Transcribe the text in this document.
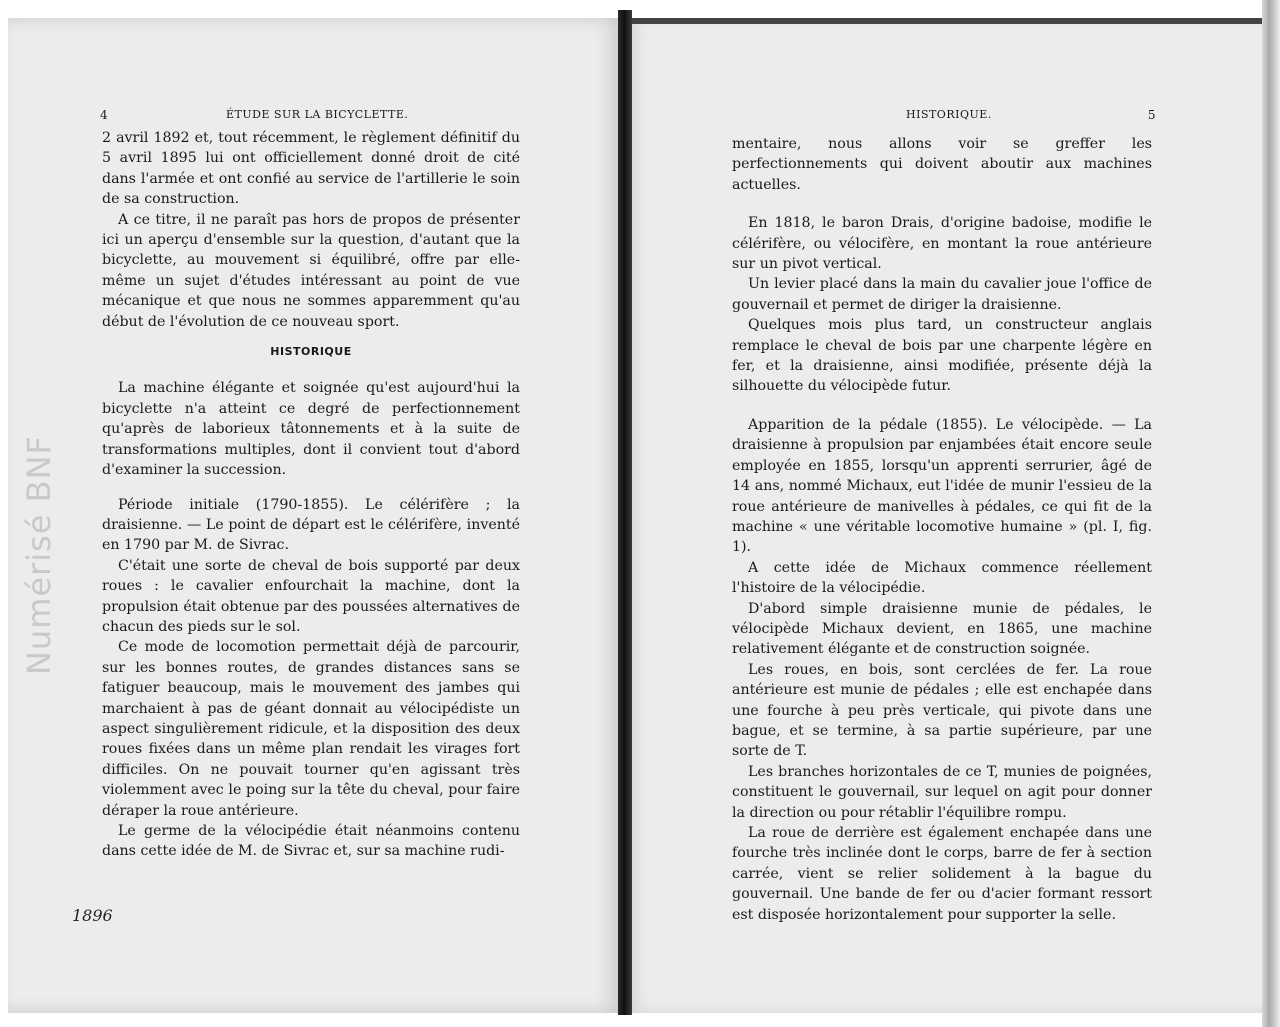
Numérisé BNF
4	ÉTUDE SUR LA BICYCLETTE.

2 avril 1892 et, tout récemment, le règlement définitif du 5 avril 1895 lui ont officiellement donné droit de cité dans l'armée et ont confié au service de l'artillerie le soin de sa construction.

A ce titre, il ne paraît pas hors de propos de présenter ici un aperçu d'ensemble sur la question, d'autant que la bicyclette, au mouvement si équilibré, offre par elle-même un sujet d'études intéressant au point de vue mécanique et que nous ne sommes apparemment qu'au début de l'évolution de ce nouveau sport.

HISTORIQUE

La machine élégante et soignée qu'est aujourd'hui la bicyclette n'a atteint ce degré de perfectionnement qu'après de laborieux tâtonnements et à la suite de transformations multiples, dont il convient tout d'abord d'examiner la succession.

Période initiale (1790-1855). Le célérifère ; la draisienne. — Le point de départ est le célérifère, inventé en 1790 par M. de Sivrac.

C'était une sorte de cheval de bois supporté par deux roues : le cavalier enfourchait la machine, dont la propulsion était obtenue par des poussées alternatives de chacun des pieds sur le sol.

Ce mode de locomotion permettait déjà de parcourir, sur les bonnes routes, de grandes distances sans se fatiguer beaucoup, mais le mouvement des jambes qui marchaient à pas de géant donnait au vélocipédiste un aspect singulièrement ridicule, et la disposition des deux roues fixées dans un même plan rendait les virages fort difficiles. On ne pouvait tourner qu'en agissant très violemment avec le poing sur la tête du cheval, pour faire déraper la roue antérieure.

Le germe de la vélocipédie était néanmoins contenu dans cette idée de M. de Sivrac et, sur sa machine rudi-

1896
HISTORIQUE.	5

mentaire, nous allons voir se greffer les perfectionnements qui doivent aboutir aux machines actuelles.

En 1818, le baron Drais, d'origine badoise, modifie le célérifère, ou vélocifère, en montant la roue antérieure sur un pivot vertical.

Un levier placé dans la main du cavalier joue l'office de gouvernail et permet de diriger la draisienne.

Quelques mois plus tard, un constructeur anglais remplace le cheval de bois par une charpente légère en fer, et la draisienne, ainsi modifiée, présente déjà la silhouette du vélocipède futur.

Apparition de la pédale (1855). Le vélocipède. — La draisienne à propulsion par enjambées était encore seule employée en 1855, lorsqu'un apprenti serrurier, âgé de 14 ans, nommé Michaux, eut l'idée de munir l'essieu de la roue antérieure de manivelles à pédales, ce qui fit de la machine « une véritable locomotive humaine » (pl. I, fig. 1).

A cette idée de Michaux commence réellement l'histoire de la vélocipédie.

D'abord simple draisienne munie de pédales, le vélocipède Michaux devient, en 1865, une machine relativement élégante et de construction soignée.

Les roues, en bois, sont cerclées de fer. La roue antérieure est munie de pédales ; elle est enchapée dans une fourche à peu près verticale, qui pivote dans une bague, et se termine, à sa partie supérieure, par une sorte de T.

Les branches horizontales de ce T, munies de poignées, constituent le gouvernail, sur lequel on agit pour donner la direction ou pour rétablir l'équilibre rompu.

La roue de derrière est également enchapée dans une fourche très inclinée dont le corps, barre de fer à section carrée, vient se relier solidement à la bague du gouvernail. Une bande de fer ou d'acier formant ressort est disposée horizontalement pour supporter la selle.
